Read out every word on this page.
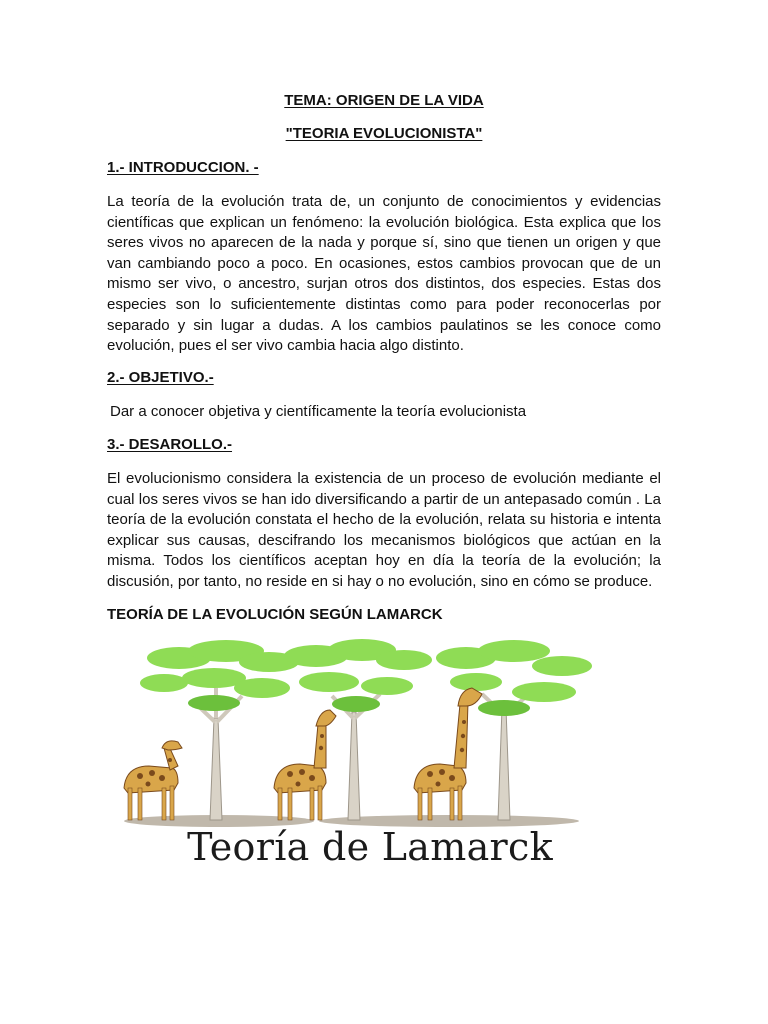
TEMA: ORIGEN DE LA VIDA
"TEORIA EVOLUCIONISTA"
1.- INTRODUCCION. -
La teoría de la evolución trata de, un conjunto de conocimientos y evidencias científicas que explican un fenómeno: la evolución biológica. Esta explica que los seres vivos no aparecen de la nada y porque sí, sino que tienen un origen y que van cambiando poco a poco. En ocasiones, estos cambios provocan que de un mismo ser vivo, o ancestro, surjan otros dos distintos, dos especies. Estas dos especies son lo suficientemente distintas como para poder reconocerlas por separado y sin lugar a dudas. A los cambios paulatinos se les conoce como evolución, pues el ser vivo cambia hacia algo distinto.
2.- OBJETIVO.-
Dar a conocer objetiva y científicamente la teoría evolucionista
3.- DESAROLLO.-
El evolucionismo considera la existencia de un proceso de evolución mediante el cual los seres vivos se han ido diversificando a partir de un antepasado común . La teoría de la evolución constata el hecho de la evolución, relata su historia e intenta explicar sus causas, descifrando los mecanismos biológicos que actúan en la misma. Todos los científicos aceptan hoy en día la teoría de la evolución; la discusión, por tanto, no reside en si hay o no evolución, sino en cómo se produce.
TEORÍA DE LA EVOLUCIÓN SEGÚN LAMARCK
Teoría de Lamarck
